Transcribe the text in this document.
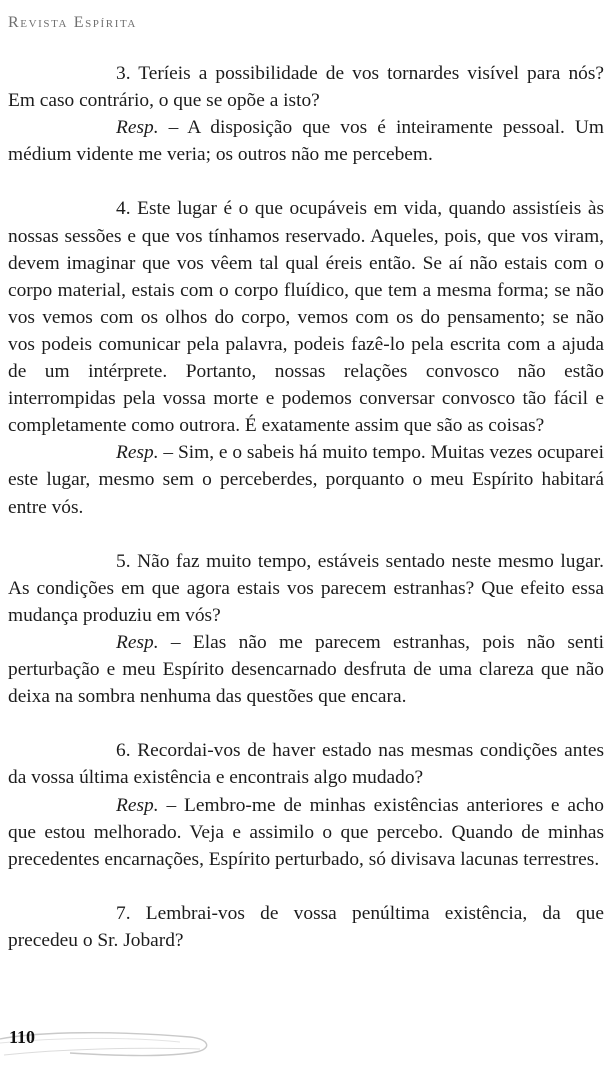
Revista Espírita

3. Teríeis a possibilidade de vos tornardes visível para nós? Em caso contrário, o que se opõe a isto?

Resp. – A disposição que vos é inteiramente pessoal. Um médium vidente me veria; os outros não me percebem.

4. Este lugar é o que ocupáveis em vida, quando assistíeis às nossas sessões e que vos tínhamos reservado. Aqueles, pois, que vos viram, devem imaginar que vos vêem tal qual éreis então. Se aí não estais com o corpo material, estais com o corpo fluídico, que tem a mesma forma; se não vos vemos com os olhos do corpo, vemos com os do pensamento; se não vos podeis comunicar pela palavra, podeis fazê-lo pela escrita com a ajuda de um intérprete. Portanto, nossas relações convosco não estão interrompidas pela vossa morte e podemos conversar convosco tão fácil e completamente como outrora. É exatamente assim que são as coisas?

Resp. – Sim, e o sabeis há muito tempo. Muitas vezes ocuparei este lugar, mesmo sem o perceberdes, porquanto o meu Espírito habitará entre vós.

5. Não faz muito tempo, estáveis sentado neste mesmo lugar. As condições em que agora estais vos parecem estranhas? Que efeito essa mudança produziu em vós?

Resp. – Elas não me parecem estranhas, pois não senti perturbação e meu Espírito desencarnado desfruta de uma clareza que não deixa na sombra nenhuma das questões que encara.

6. Recordai-vos de haver estado nas mesmas condições antes da vossa última existência e encontrais algo mudado?

Resp. – Lembro-me de minhas existências anteriores e acho que estou melhorado. Veja e assimilo o que percebo. Quando de minhas precedentes encarnações, Espírito perturbado, só divisava lacunas terrestres.

7. Lembrai-vos de vossa penúltima existência, da que precedeu o Sr. Jobard?

110
